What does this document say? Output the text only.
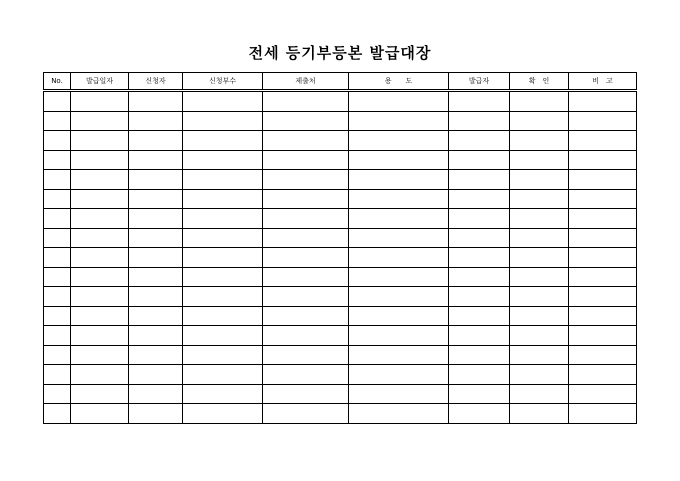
전세 등기부등본 발급대장
No.	발급일자	신청자	신청부수	제출처	용　　도	발급자	확　인	비　고
